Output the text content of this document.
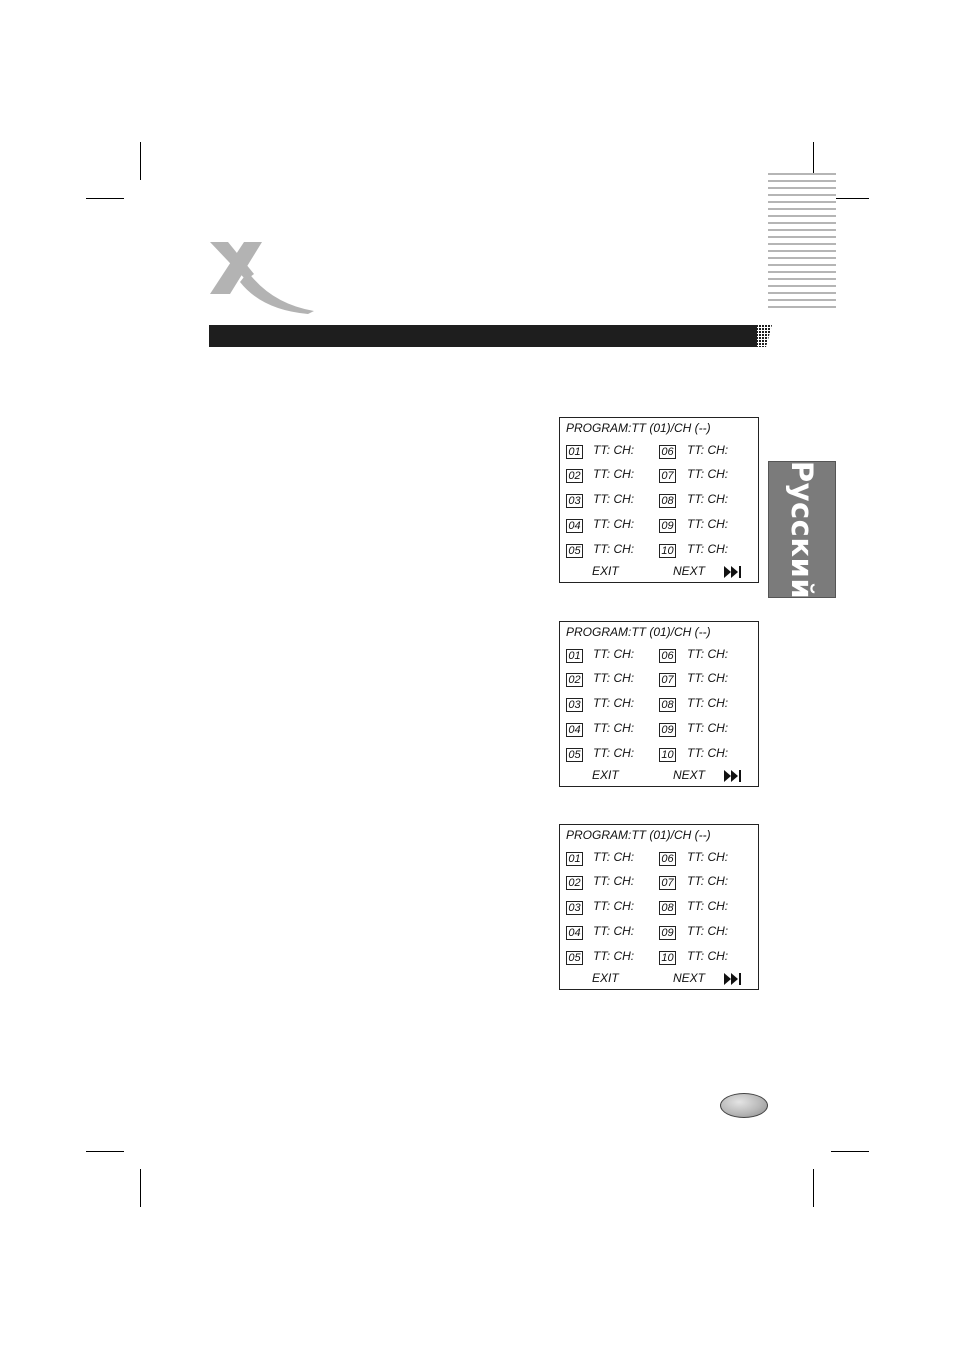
Русский
PROGRAM:TT (01)/CH (--)
01 TT: CH: 06 TT: CH:
02 TT: CH: 07 TT: CH:
03 TT: CH: 08 TT: CH:
04 TT: CH: 09 TT: CH:
05 TT: CH: 10 TT: CH:
EXIT	NEXT
PROGRAM:TT (01)/CH (--)
01 TT: CH: 06 TT: CH:
02 TT: CH: 07 TT: CH:
03 TT: CH: 08 TT: CH:
04 TT: CH: 09 TT: CH:
05 TT: CH: 10 TT: CH:
EXIT	NEXT
PROGRAM:TT (01)/CH (--)
01 TT: CH: 06 TT: CH:
02 TT: CH: 07 TT: CH:
03 TT: CH: 08 TT: CH:
04 TT: CH: 09 TT: CH:
05 TT: CH: 10 TT: CH:
EXIT	NEXT
